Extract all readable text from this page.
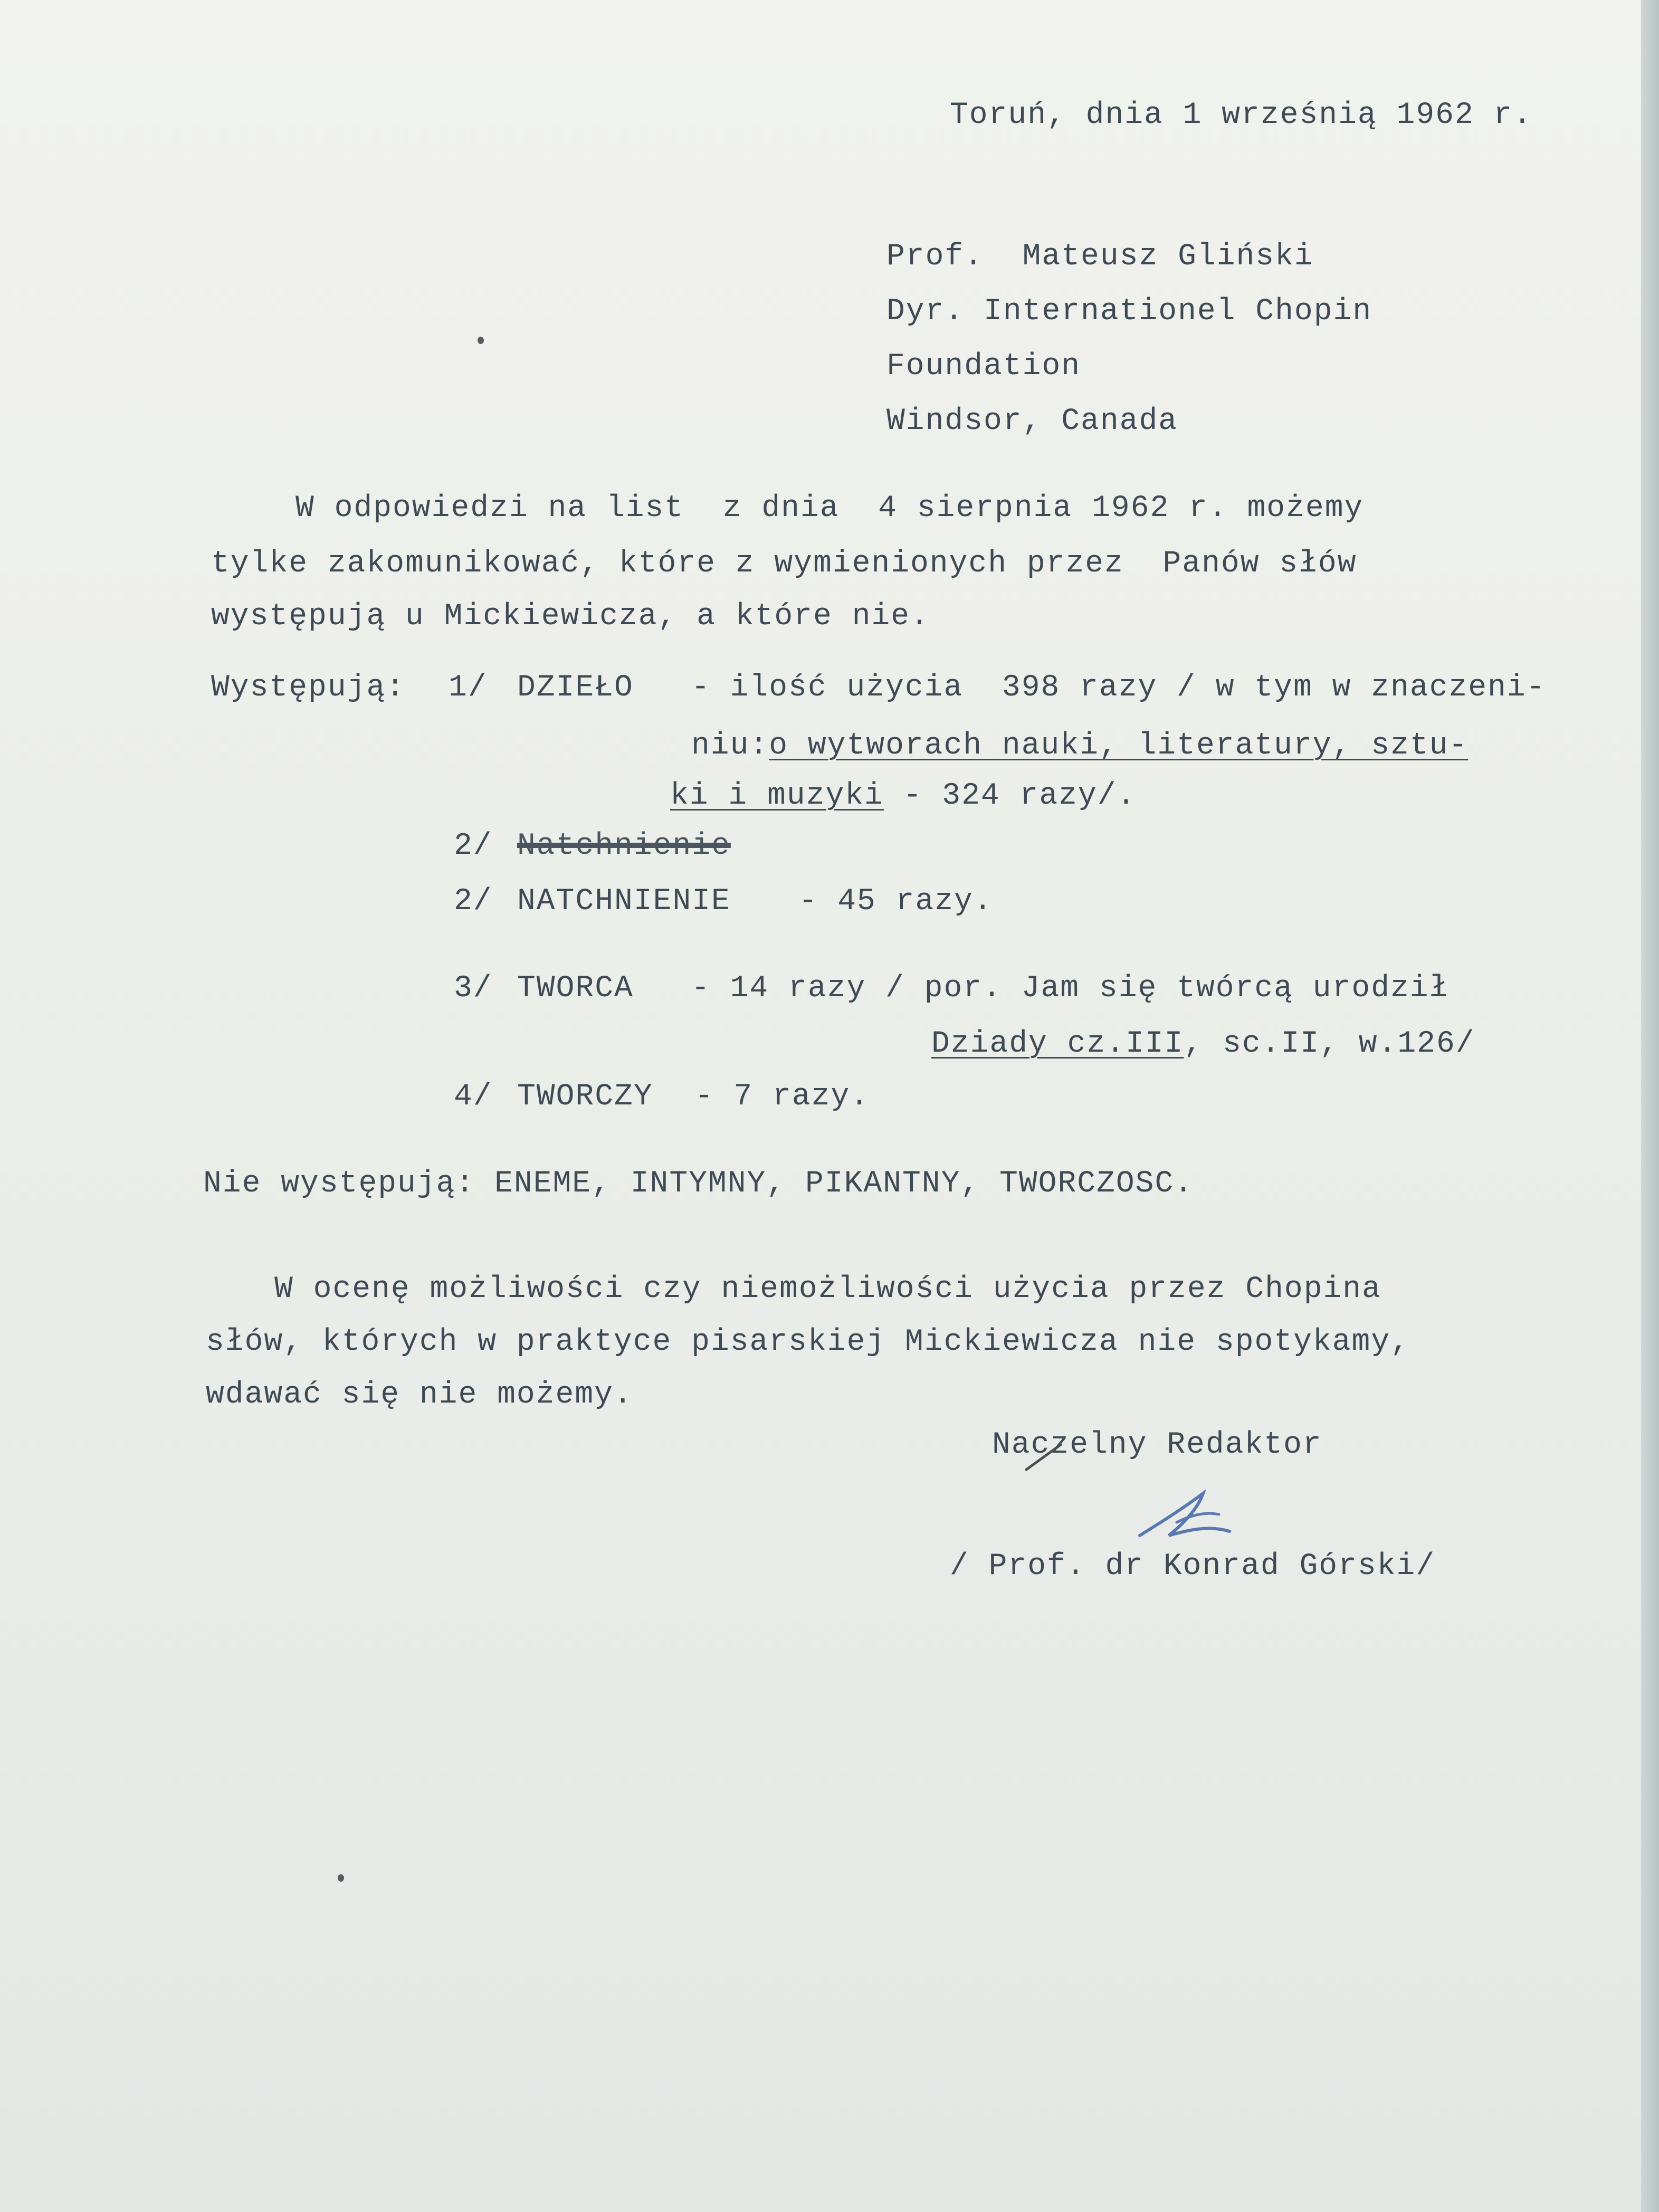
Toruń, dnia 1 wrześnią 1962 r.
Prof.  Mateusz Gliński
Dyr. Internationel Chopin
Foundation
Windsor, Canada
W odpowiedzi na list  z dnia  4 sierpnia 1962 r. możemy
tylke zakomunikować, które z wymienionych przez  Panów słów
występują u Mickiewicza, a które nie.
Występują: 1/ DZIEŁO - ilość użycia  398 razy / w tym w znaczeni-
niu:o wytworach nauki, literatury, sztu-
ki i muzyki - 324 razy/.
2/ Natchnienie
2/ NATCHNIENIE - 45 razy.
3/ TWORCA - 14 razy / por. Jam się twórcą urodził
Dziady cz.III, sc.II, w.126/
4/ TWORCZY - 7 razy.
Nie występują: ENEME, INTYMNY, PIKANTNY, TWORCZOSC.
W ocenę możliwości czy niemożliwości użycia przez Chopina
słów, których w praktyce pisarskiej Mickiewicza nie spotykamy,
wdawać się nie możemy.
Naczelny Redaktor
/ Prof. dr Konrad Górski/
